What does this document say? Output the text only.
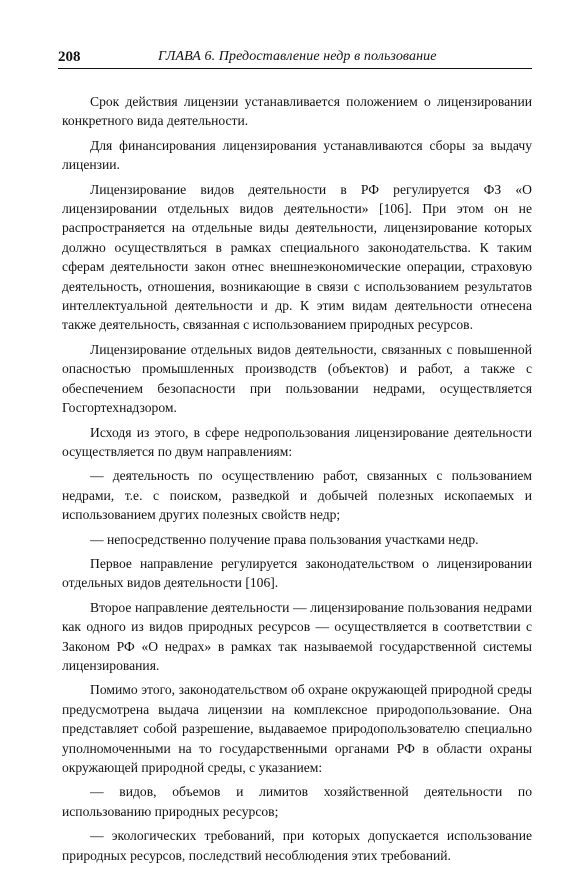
208	ГЛАВА 6. Предоставление недр в пользование

Срок действия лицензии устанавливается положением о лицензировании конкретного вида деятельности.

Для финансирования лицензирования устанавливаются сборы за выдачу лицензии.

Лицензирование видов деятельности в РФ регулируется ФЗ «О лицензировании отдельных видов деятельности» [106]. При этом он не распространяется на отдельные виды деятельности, лицензирование которых должно осуществляться в рамках специального законодательства. К таким сферам деятельности закон отнес внешнеэкономические операции, страховую деятельность, отношения, возникающие в связи с использованием результатов интеллектуальной деятельности и др. К этим видам деятельности отнесена также деятельность, связанная с использованием природных ресурсов.

Лицензирование отдельных видов деятельности, связанных с повышенной опасностью промышленных производств (объектов) и работ, а также с обеспечением безопасности при пользовании недрами, осуществляется Госгортехнадзором.

Исходя из этого, в сфере недропользования лицензирование деятельности осуществляется по двум направлениям:

— деятельность по осуществлению работ, связанных с пользованием недрами, т.е. с поиском, разведкой и добычей полезных ископаемых и использованием других полезных свойств недр;

— непосредственно получение права пользования участками недр.

Первое направление регулируется законодательством о лицензировании отдельных видов деятельности [106].

Второе направление деятельности — лицензирование пользования недрами как одного из видов природных ресурсов — осуществляется в соответствии с Законом РФ «О недрах» в рамках так называемой государственной системы лицензирования.

Помимо этого, законодательством об охране окружающей природной среды предусмотрена выдача лицензии на комплексное природопользование. Она представляет собой разрешение, выдаваемое природопользователю специально уполномоченными на то государственными органами РФ в области охраны окружающей природной среды, с указанием:

— видов, объемов и лимитов хозяйственной деятельности по использованию природных ресурсов;

— экологических требований, при которых допускается использование природных ресурсов, последствий несоблюдения этих требований.
